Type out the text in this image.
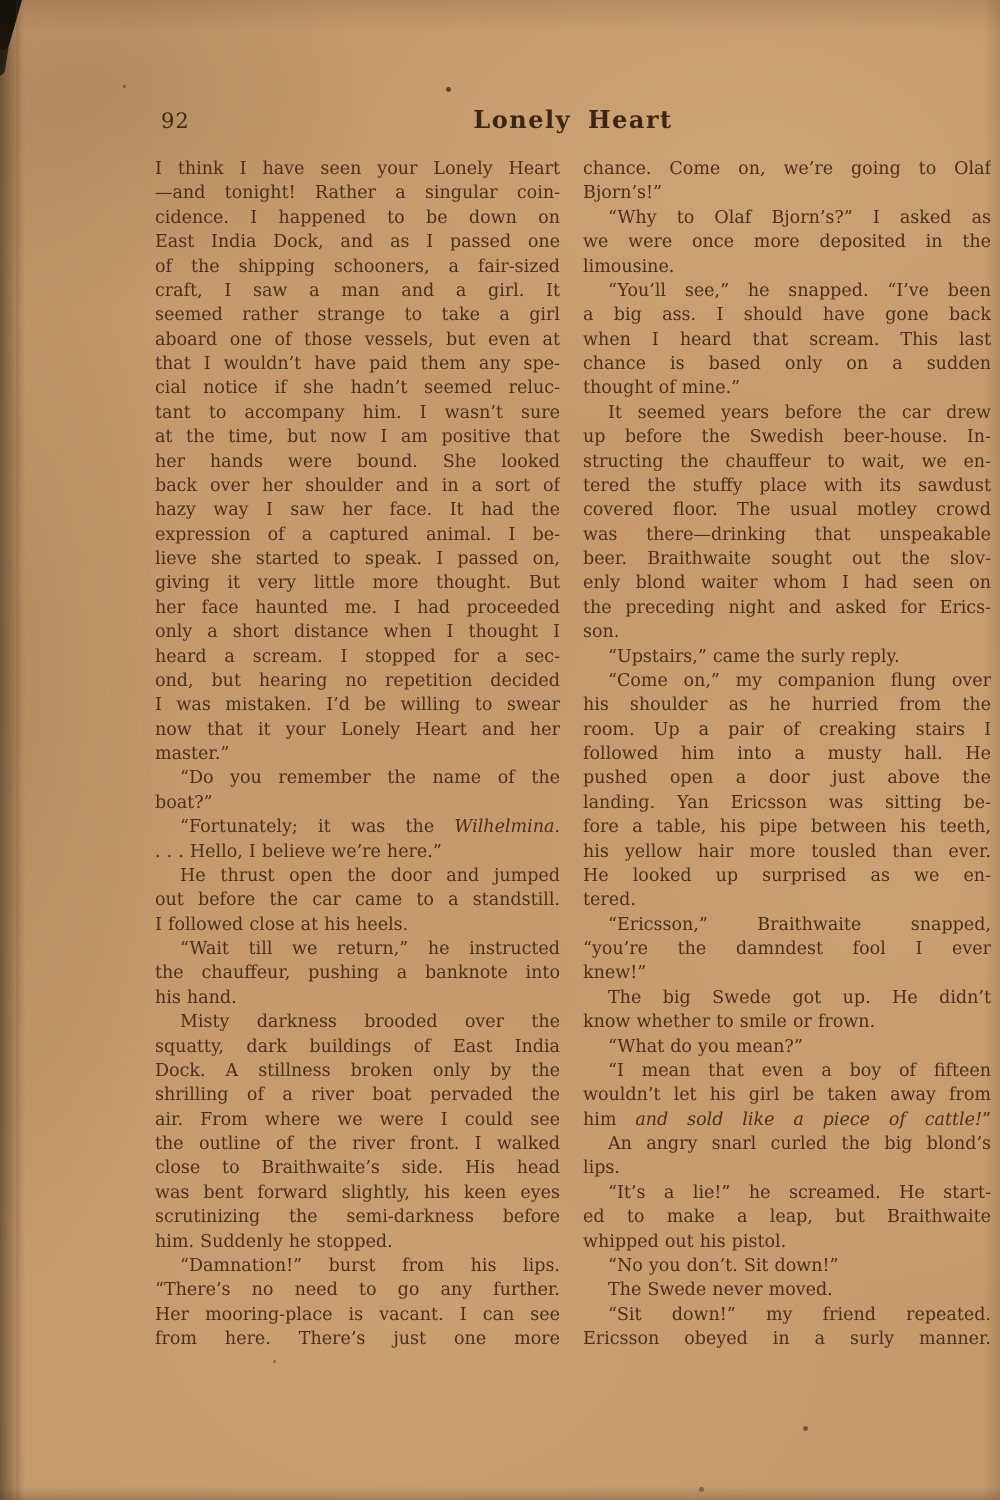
92	Lonely Heart
I think I have seen your Lonely Heart
—and tonight! Rather a singular coin-
cidence. I happened to be down on
East India Dock, and as I passed one
of the shipping schooners, a fair-sized
craft, I saw a man and a girl. It
seemed rather strange to take a girl
aboard one of those vessels, but even at
that I wouldn’t have paid them any spe-
cial notice if she hadn’t seemed reluc-
tant to accompany him. I wasn’t sure
at the time, but now I am positive that
her hands were bound. She looked
back over her shoulder and in a sort of
hazy way I saw her face. It had the
expression of a captured animal. I be-
lieve she started to speak. I passed on,
giving it very little more thought. But
her face haunted me. I had proceeded
only a short distance when I thought I
heard a scream. I stopped for a sec-
ond, but hearing no repetition decided
I was mistaken. I’d be willing to swear
now that it your Lonely Heart and her
master.”
“Do you remember the name of the
boat?”
“Fortunately; it was the Wilhelmina.
. . . Hello, I believe we’re here.”
He thrust open the door and jumped
out before the car came to a standstill.
I followed close at his heels.
“Wait till we return,” he instructed
the chauffeur, pushing a banknote into
his hand.
Misty darkness brooded over the
squatty, dark buildings of East India
Dock. A stillness broken only by the
shrilling of a river boat pervaded the
air. From where we were I could see
the outline of the river front. I walked
close to Braithwaite’s side. His head
was bent forward slightly, his keen eyes
scrutinizing the semi-darkness before
him. Suddenly he stopped.
“Damnation!” burst from his lips.
“There’s no need to go any further.
Her mooring-place is vacant. I can see
from here. There’s just one more
chance. Come on, we’re going to Olaf
Bjorn’s!”
“Why to Olaf Bjorn’s?” I asked as
we were once more deposited in the
limousine.
“You’ll see,” he snapped. “I’ve been
a big ass. I should have gone back
when I heard that scream. This last
chance is based only on a sudden
thought of mine.”
It seemed years before the car drew
up before the Swedish beer-house. In-
structing the chauffeur to wait, we en-
tered the stuffy place with its sawdust
covered floor. The usual motley crowd
was there—drinking that unspeakable
beer. Braithwaite sought out the slov-
enly blond waiter whom I had seen on
the preceding night and asked for Erics-
son.
“Upstairs,” came the surly reply.
“Come on,” my companion flung over
his shoulder as he hurried from the
room. Up a pair of creaking stairs I
followed him into a musty hall. He
pushed open a door just above the
landing. Yan Ericsson was sitting be-
fore a table, his pipe between his teeth,
his yellow hair more tousled than ever.
He looked up surprised as we en-
tered.
“Ericsson,” Braithwaite snapped,
“you’re the damndest fool I ever
knew!”
The big Swede got up. He didn’t
know whether to smile or frown.
“What do you mean?”
“I mean that even a boy of fifteen
wouldn’t let his girl be taken away from
him and sold like a piece of cattle!”
An angry snarl curled the big blond’s
lips.
“It’s a lie!” he screamed. He start-
ed to make a leap, but Braithwaite
whipped out his pistol.
“No you don’t. Sit down!”
The Swede never moved.
“Sit down!” my friend repeated.
Ericsson obeyed in a surly manner.
